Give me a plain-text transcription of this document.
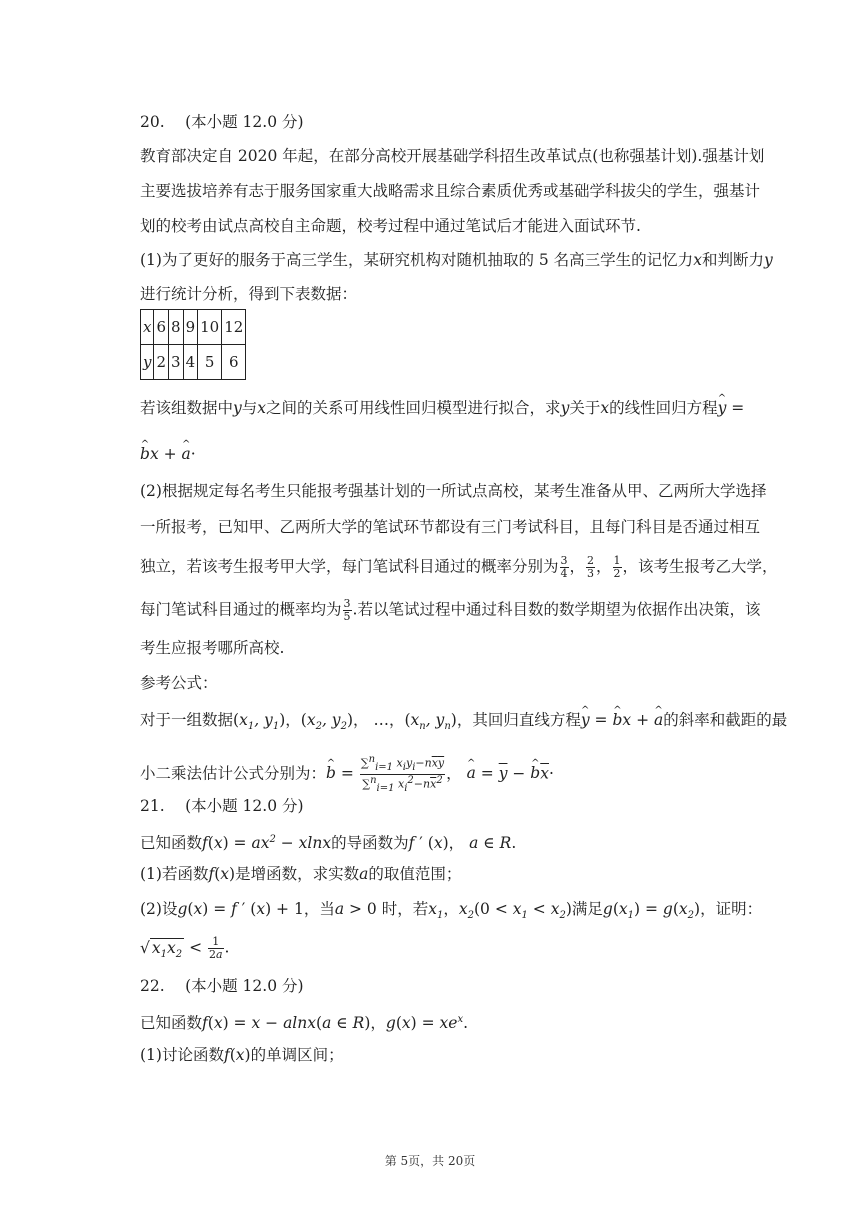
20.　 (本小题 12.0 分)
教育部决定自 2020 年起，在部分高校开展基础学科招生改革试点(也称强基计划).强基计划
主要选拔培养有志于服务国家重大战略需求且综合素质优秀或基础学科拔尖的学生，强基计
划的校考由试点高校自主命题，校考过程中通过笔试后才能进入面试环节.
(1)为了更好的服务于高三学生，某研究机构对随机抽取的 5 名高三学生的记忆力x和判断力y
进行统计分析，得到下表数据：
x	6	8	9	10	12
y	2	3	4	5	6
若该组数据中y与x之间的关系可用线性回归模型进行拟合，求y关于x的线性回归方程^ y =
^ bx + ^ a·
(2)根据规定每名考生只能报考强基计划的一所试点高校，某考生准备从甲、乙两所大学选择
一所报考，已知甲、乙两所大学的笔试环节都设有三门考试科目，且每门科目是否通过相互
独立，若该考生报考甲大学，每门笔试科目通过的概率分别为 $\frac{3}{4}$ ， $\frac{2}{3}$ ， $\frac{1}{2}$ ，该考生报考乙大学，
每门笔试科目通过的概率均为 $\frac{3}{5}$ .若以笔试过程中通过科目数的数学期望为依据作出决策，该
考生应报考哪所高校.
参考公式：
对于一组数据($x_1$, $y_1$)，($x_2$, $y_2$)， …，($x_n$, $y_n$)，其回归直线方程^ y = ^ bx + ^ a的斜率和截距的最
小二乘法估计公式分别为：^ $b = \frac{\sum^n_{i=1} x_iy_i-n\overline{x}\overline{y}}{\sum^n_{i=1} x_i^2-n\overline{x}^2}$ ， ^ $a = \overline{y}$ − ^ $b\overline{x}\cdot$
21.　 (本小题 12.0 分)
已知函数$f(x) = ax^2 - xlnx$的导函数为f ′ (x)， a ∈ R.
(1)若函数f(x)是增函数，求实数a的取值范围；
(2)设g(x) = f ′ (x) + 1，当a > 0 时，若$x_1$，$x_2(0 < x_1 < x_2)$满足$g(x_1) = g(x_2)$，证明：
√ $x_1x_2 < \frac{1}{2a}$ .
22.　 (本小题 12.0 分)
已知函数f(x) = x − alnx(a ∈ R)，$g(x) = xe^x$.
(1)讨论函数f(x)的单调区间；
第 5页，共 20页
